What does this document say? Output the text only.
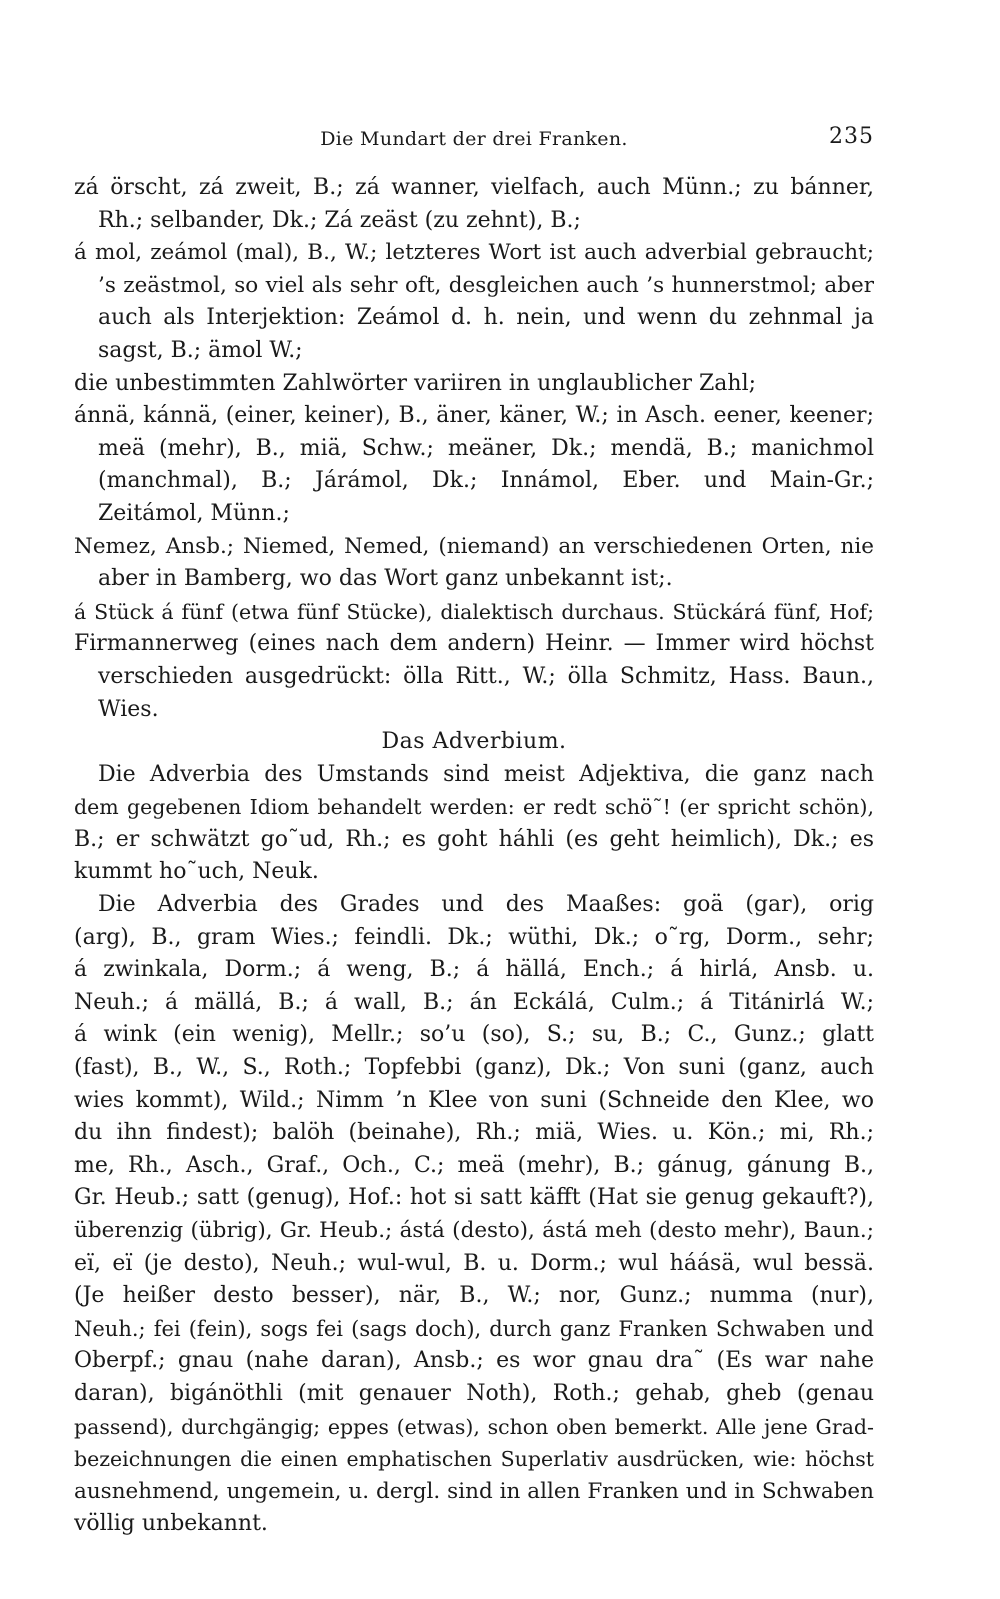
Die Mundart der drei Franken.	235
zá örscht, zá zweit, B.; zá wanner, vielfach, auch Münn.; zu bánner,
Rh.; selbander, Dk.; Zá zeäst (zu zehnt), B.;
á mol, zeámol (mal), B., W.; letzteres Wort ist auch adverbial gebraucht;
’s zeästmol, so viel als sehr oft, desgleichen auch ’s hunnerstmol; aber
auch als Interjektion: Zeámol d. h. nein, und wenn du zehnmal ja
sagst, B.; ämol W.;
die unbestimmten Zahlwörter variiren in unglaublicher Zahl;
ánnä, kánnä, (einer, keiner), B., äner, käner, W.; in Asch. eener, keener;
meä (mehr), B., miä, Schw.; meäner, Dk.; mendä, B.; manichmol
(manchmal), B.; Járámol, Dk.; Innámol, Eber. und Main-Gr.;
Zeitámol, Münn.;
Nemez, Ansb.; Niemed, Nemed, (niemand) an verschiedenen Orten, nie
aber in Bamberg, wo das Wort ganz unbekannt ist;.
á Stück á fünf (etwa fünf Stücke), dialektisch durchaus. Stückárá fünf, Hof;
Firmannerweg (eines nach dem andern) Heinr. — Immer wird höchst
verschieden ausgedrückt: ölla Ritt., W.; ölla Schmitz, Hass. Baun.,
Wies.
Das Adverbium.
Die Adverbia des Umstands sind meist Adjektiva, die ganz nach
dem gegebenen Idiom behandelt werden: er redt schö˜! (er spricht schön),
B.; er schwätzt go˜ud, Rh.; es goht háhli (es geht heimlich), Dk.; es
kummt ho˜uch, Neuk.
Die Adverbia des Grades und des Maaßes: goä (gar), orig
(arg), B., gram Wies.; feindli. Dk.; wüthi, Dk.; o˜rg, Dorm., sehr;
á zwinkala, Dorm.; á weng, B.; á hällá, Ench.; á hirlá, Ansb. u.
Neuh.; á mällá, B.; á wall, B.; án Eckálá, Culm.; á Titánirlá W.;
á wink (ein wenig), Mellr.; so’u (so), S.; su, B.; C., Gunz.; glatt
(fast), B., W., S., Roth.; Topfebbi (ganz), Dk.; Von suni (ganz, auch
wies kommt), Wild.; Nimm ’n Klee von suni (Schneide den Klee, wo
du ihn findest); balöh (beinahe), Rh.; miä, Wies. u. Kön.; mi, Rh.;
me, Rh., Asch., Graf., Och., C.; meä (mehr), B.; gánug, gánung B.,
Gr. Heub.; satt (genug), Hof.: hot si satt käfft (Hat sie genug gekauft?),
überenzig (übrig), Gr. Heub.; ástá (desto), ástá meh (desto mehr), Baun.;
eï, eï (je desto), Neuh.; wul-wul, B. u. Dorm.; wul háásä, wul bessä.
(Je heißer desto besser), när, B., W.; nor, Gunz.; numma (nur),
Neuh.; fei (fein), sogs fei (sags doch), durch ganz Franken Schwaben und
Oberpf.; gnau (nahe daran), Ansb.; es wor gnau dra˜ (Es war nahe
daran), bigánöthli (mit genauer Noth), Roth.; gehab, gheb (genau
passend), durchgängig; eppes (etwas), schon oben bemerkt. Alle jene Grad-
bezeichnungen die einen emphatischen Superlativ ausdrücken, wie: höchst
ausnehmend, ungemein, u. dergl. sind in allen Franken und in Schwaben
völlig unbekannt.
